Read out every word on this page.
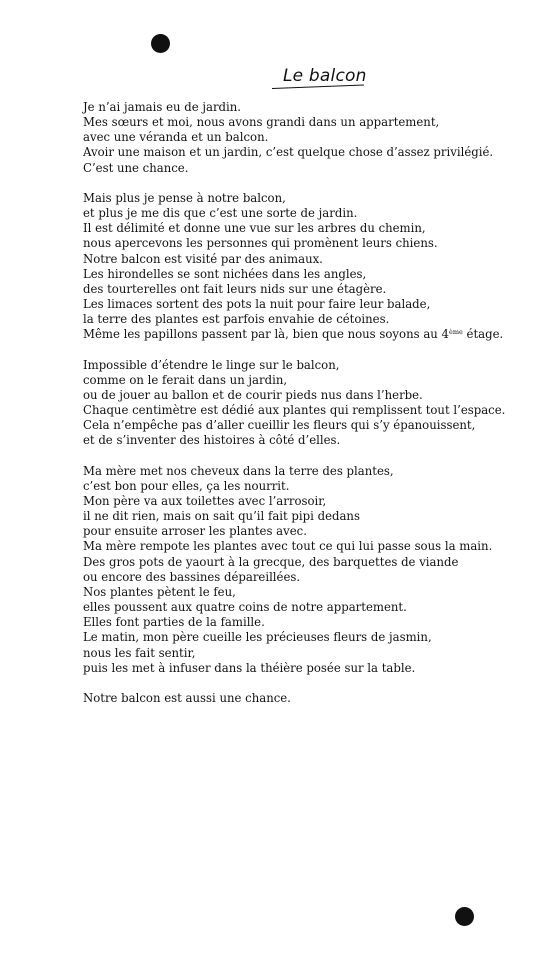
Le balcon
Je n’ai jamais eu de jardin.
Mes sœurs et moi, nous avons grandi dans un appartement,
avec une véranda et un balcon.
Avoir une maison et un jardin, c’est quelque chose d’assez privilégié.
C’est une chance.
Mais plus je pense à notre balcon,
et plus je me dis que c’est une sorte de jardin.
Il est délimité et donne une vue sur les arbres du chemin,
nous apercevons les personnes qui promènent leurs chiens.
Notre balcon est visité par des animaux.
Les hirondelles se sont nichées dans les angles,
des tourterelles ont fait leurs nids sur une étagère.
Les limaces sortent des pots la nuit pour faire leur balade,
la terre des plantes est parfois envahie de cétoines.
Même les papillons passent par là, bien que nous soyons au 4ème étage.
Impossible d’étendre le linge sur le balcon,
comme on le ferait dans un jardin,
ou de jouer au ballon et de courir pieds nus dans l’herbe.
Chaque centimètre est dédié aux plantes qui remplissent tout l’espace.
Cela n’empêche pas d’aller cueillir les fleurs qui s’y épanouissent,
et de s’inventer des histoires à côté d’elles.
Ma mère met nos cheveux dans la terre des plantes,
c’est bon pour elles, ça les nourrit.
Mon père va aux toilettes avec l’arrosoir,
il ne dit rien, mais on sait qu’il fait pipi dedans
pour ensuite arroser les plantes avec.
Ma mère rempote les plantes avec tout ce qui lui passe sous la main.
Des gros pots de yaourt à la grecque, des barquettes de viande
ou encore des bassines dépareillées.
Nos plantes pètent le feu,
elles poussent aux quatre coins de notre appartement.
Elles font parties de la famille.
Le matin, mon père cueille les précieuses fleurs de jasmin,
nous les fait sentir,
puis les met à infuser dans la théière posée sur la table.
Notre balcon est aussi une chance.
